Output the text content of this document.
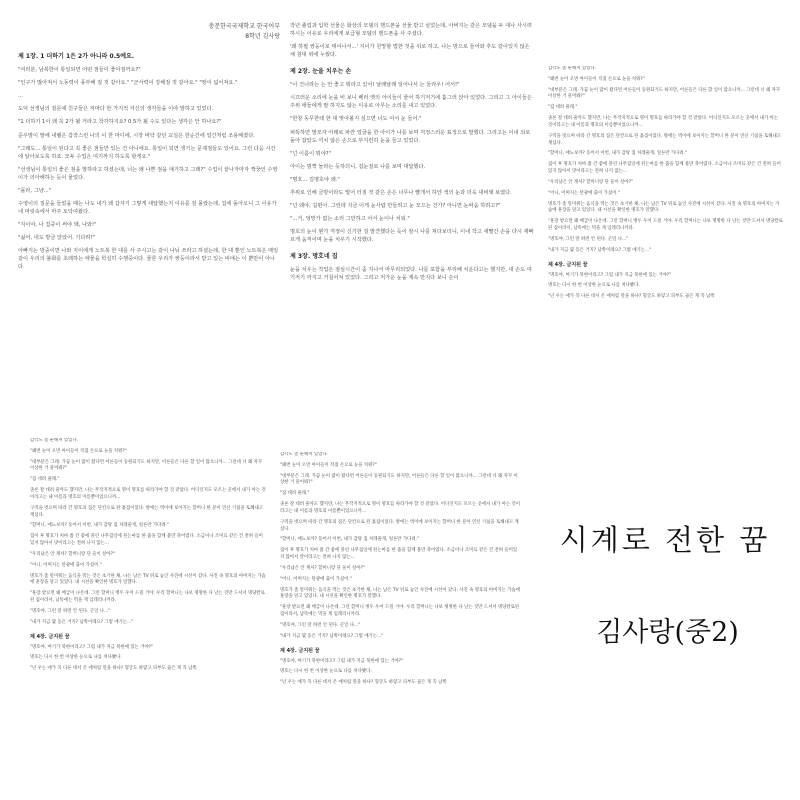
충문한국국제학교 한국어부
8학년 김사랑
제 1장. 1 더하기 1은 2가 아니라 0.5에요.
"여러분, 남북한이 통일되면 어떤 점들이 좋아질까요?"
"인구가 많아져서 노동력이 풍부해 질 것 같아요." "군사력이 강해질 것 같아요." "땅이 넓어져요."
...
도덕 선생님의 질문에 친구들은 저마다 한 가지씩 자신의 생각들을 이야 말하고 있었다.
"1 더하기 1이 왜 꼭 2가 될 거라고 착각하지요? 0.5가 될 수도 있다는 생각은 안 하나요?"
준우말이 말에 내뱉은 갑작스런 나의 이 한 마디에, 시장 바닥 같던 교실은 한순간에 얼간처럼 조용해졌다.
"그래도... 통일이 된다고 꼭 좋은 점들만 있는 건 아니에요. 통일이 되면 생기는 문제점들도 있어요. 그런 다음 시간에 알아보도록 하죠. 모두 수업은 여기까지 하도록 할게요."
"선생님이 통일의 좋은 점을 말하라고 하셨는데, 너는 왜 나쁜 점을 얘기하고 그래?" 수업이 끝나자마자 짝꿍인 수영이가 의아해하는 듯이 물었다.
"몰라, 그냥..."
수영이의 질문을 들었을 때는 나도 내가 왜 갑자기 그렇게 대답했는지 이유를 잘 몰랐는데, 집에 돌아오니 그 이유가 내 머릿속에서 마주 토닥여왔다.
"지이야, 나 집중이 써야 돼, 나와!"
"싫어, 내도 방금 앉았어. 기다려!"
아빠지는 방중이면 나와 지이에게 노트북 한 대를 사 주시고는 같이 나눠 쓰라고 하셨는데, 한 대 뿐인 노트북은 매일같이 우리의 불화를 초래하는 애물을 학실히 수행중이다. 물론 우리가 쌍둥이라서 받고 있는 비애는 이 뿐만이 아니다.
작년 졸업과 입학 선물은 화상의 모델의 핸드폰을 선물 받고 싶었는데, 아버지는 같은 모델을 두 대나 사시려 하시는 이유로 우리에게 보급형 모델의 핸드폰을 사 주셨다.
'왜 하필 쌍둥이로 태어나서...' 지이가 원망할 법한 것을 뒤로 하고, 나는 방으로 들어와 후도 같이있지 않은 채 침대 위에 누웠다.
제 2장. 눈을 치우는 손
"이 건너라는 는 안 좋고 뭐라고 있어! 날래날래 일어나서 는 들라우! 어서!"
시끄러운 소리에 눈을 비 보니 베러 옛의 아이들이 줄어 하기저기에 흩그러 앉아 있었다. 그리고 그 아이들은 주위 애들에게 말 하지도 않는 이유로 아무는 소리를 내고 있었다.
"한창 동무한테 한 대 맞아볼지 싶으면 너도 어서 눈 들어."
퍼뜩하면 발모자 아래로 파란 얼굴을 한 아이가 나를 보며 걱정스러운 표정으로 말했다. 그리고는 이내 되로 돌아 잡았도 끼치 않은 손으로 부지런히 눈을 들고 있었다.
"넌 이름이 뭐야?"
아이는 멈짝 놀라는 듯하더니, 겁눈질로 나를 보며 대답했다.
"명호... 김명호야 왜."
추위로 인해 금방이라도 떨어 터질 것 같은 손은 너무나 빨개서 하얀 색의 눈과 더욱 대비돼 보였다.
"넌 왜야, 길편아. 그런데 지금 이게 눈사람 만들려고 눈 모으는 건가? 아니면 눈싸움 하려고?"
"...거, 엉망가 없는 소리 그만하고 어서 눈이나 치워."
명호의 눈이 뭔가 걱정이 신기한 걸 발견했다는 듯이 잠시 나를 쳐다보더니, 이내 작고 새빨간 손을 다시 재빠르게 움직이며 눈을 치우기 시작했다.
제 3장. 명호네 집
눈을 치우는 작업은 점심시간이 좀 지나서 마무리되었다. 나를 포함을 부리해 치운다고는 했지만, 내 손도 여기저기 까지고 거칠어져 있었다. 그리고 저가운 눈을 계속 만지다 보니 손이
감각도 좀 둔해져 있었다.
"왜번 눈이 오면 아이들이 직접 손으로 눈을 치워?"
"대부분은 그래. 가끔 눈이 많이 왔다면 어른들이 동원되기도 하지만, 어른들은 다른 할 일이 많으니까... 그런데 너 왜 자꾸 이상한 거 물어봐?"
"집 데려 줄래."
졸론 잘 데려 줄까도 했지만, 나는 무작지적으로 명이 명호를 따라가야 할 것 같았다. 어디인지도 모르는 곳에서 내가 아는 것이라고는 내 이름과 명호의 이름뿐이었으니까...
구역을 벗으며 따라 간 명호의 집은 단칸으로 된 흙집이었다. 방에는 벽이에 보이지는 할머니 한 분이 연신 기침을 토해내고 계셨다.
"할머니, 애뇨보까? 동어서 이번, 내가 감탕 집 처레줄게, 얼른만 가다려."
집이 후 명호가 처마 쯤 간 좋에 몰린 나무집일에 된는마를 한 줌을 함께 불만 축어였다. 소금이나 조미료 같은 건 전혀 들어있지 않아서 맛이라고는 전혀 나지 않는...
"우리났은 안 계셔? 할머니랑 단 둘이 살아?"
"어니, 어쩌지는 탄광에 출이 가셨어."
명호가 좀 말미워는 음식을 먹는 것은 초기한 채, 나는 남은 TV 뒤로 놓인 사진에 시선이 갔다. 사진 속 명호의 아버지는 가슴에 훈장을 달고 있었다. 내 시선을 확인한 명호가 말했다.
"훈장 받으면 왜 배급이 나온데. 그런 할머니 병두 우어 드릴 거야. 우리 할머니는 나보 명명한 다 날는 것만 드셔서 명당칼로된 집이라서, 남똑에는 먹을 게 입레리니까라.
"명호야, 그런 말 하면 안 된다. 곤일 나..."
"내가 지금 몇 동은 거지? 남쪽이래요? 그렇 애기는..."
제 4장. 금지된 꿈
"명호야, 여기가 북한이라고? 그럼 내가 지금 북한에 있는 거야?"
명호는 다시 한 번 이상한 눈으로 나를 쳐다봤다.
"넌 우는 애가 꼭 다른 데서 온 애처럼 말을 하냐? 형굴도 하얗고 피부도 곱은 게 꼭 남쪽
감각도 좀 둔해져 있었다.
"왜번 눈이 오면 아이들이 직접 손으로 눈을 치워?"
"대부분은 그래. 가끔 눈이 많이 왔다면 어른들이 동원되기도 하지만, 어른들은 다른 할 일이 많으니까... 그런데 너 왜 자꾸 이상한 거 물어봐?"
"집 데려 줄래."
졸론 잘 데려 줄까도 했지만, 나는 무작지적으로 명이 명호를 따라가야 할 것 같았다. 어디인지도 모르는 곳에서 내가 아는 것이라고는 내 이름과 명호의 이름뿐이었으니까...
구역을 벗으며 따라 간 명호의 집은 단칸으로 된 흙집이었다. 방에는 벽이에 보이지는 할머니 한 분이 연신 기침을 토해내고 계셨다.
"할머니, 애뇨보까? 동어서 이번, 내가 감탕 집 처레줄게, 얼른만 가다려."
집이 후 명호가 처마 쯤 간 좋에 몰린 나무집일에 된는마를 한 줌을 함께 불만 축어였다. 소금이나 조미료 같은 건 전혀 들어있지 않아서 맛이라고는 전혀 나지 않는...
"우리났은 안 계셔? 할머니랑 단 둘이 살아?"
"어니, 어쩌지는 탄광에 출이 가셨어."
명호가 좀 말미워는 음식을 먹는 것은 초기한 채, 나는 남은 TV 뒤로 놓인 사진에 시선이 갔다. 사진 속 명호의 아버지는 가슴에 훈장을 달고 있었다. 내 시선을 확인한 명호가 말했다.
"훈장 받으면 왜 배급이 나온데. 그런 할머니 병두 우어 드릴 거야. 우리 할머니는 나보 명명한 다 날는 것만 드셔서 명당칼로된 집이라서, 남똑에는 먹을 게 입레리니까라.
"명호야, 그런 말 하면 안 된다. 곤일 나..."
"내가 지금 몇 동은 거지? 남쪽이래요? 그렇 애기는..."
제 4장. 금지된 꿈
"명호야, 여기가 북한이라고? 그럼 내가 지금 북한에 있는 거야?"
명호는 다시 한 번 이상한 눈으로 나를 쳐다봤다.
"넌 우는 애가 꼭 다른 데서 온 애처럼 말을 하냐? 형굴도 하얗고 피부도 곱은 게 꼭 남쪽
감각도 좀 둔해져 있었다.
"왜번 눈이 오면 아이들이 직접 손으로 눈을 치워?"
"대부분은 그래. 가끔 눈이 많이 왔다면 어른들이 동원되기도 하지만, 어른들은 다른 할 일이 많으니까... 그런데 너 왜 자꾸 이상한 거 물어봐?"
"집 데려 줄래."
졸론 잘 데려 줄까도 했지만, 나는 무작지적으로 명이 명호를 따라가야 할 것 같았다. 어디인지도 모르는 곳에서 내가 아는 것이라고는 내 이름과 명호의 이름뿐이었으니까...
구역을 벗으며 따라 간 명호의 집은 단칸으로 된 흙집이었다. 방에는 벽이에 보이지는 할머니 한 분이 연신 기침을 토해내고 계셨다.
"할머니, 애뇨보까? 동어서 이번, 내가 감탕 집 처레줄게, 얼른만 가다려."
집이 후 명호가 처마 쯤 간 좋에 몰린 나무집일에 된는마를 한 줌을 함께 불만 축어였다. 소금이나 조미료 같은 건 전혀 들어있지 않아서 맛이라고는 전혀 나지 않는...
"우리났은 안 계셔? 할머니랑 단 둘이 살아?"
"어니, 어쩌지는 탄광에 출이 가셨어."
명호가 좀 말미워는 음식을 먹는 것은 초기한 채, 나는 남은 TV 뒤로 놓인 사진에 시선이 갔다. 사진 속 명호의 아버지는 가슴에 훈장을 달고 있었다. 내 시선을 확인한 명호가 말했다.
"훈장 받으면 왜 배급이 나온데. 그런 할머니 병두 우어 드릴 거야. 우리 할머니는 나보 명명한 다 날는 것만 드셔서 명당칼로된 집이라서, 남똑에는 먹을 게 입레리니까라.
"명호야, 그런 말 하면 안 된다. 곤일 나..."
"내가 지금 몇 동은 거지? 남쪽이래요? 그렇 애기는..."
제 4장. 금지된 꿈
"명호야, 여기가 북한이라고? 그럼 내가 지금 북한에 있는 거야?"
명호는 다시 한 번 이상한 눈으로 나를 쳐다봤다.
"넌 우는 애가 꼭 다른 데서 온 애처럼 말을 하냐? 형굴도 하얗고 피부도 곱은 게 꼭 남쪽
시계로 전한 꿈
김사랑(중2)
